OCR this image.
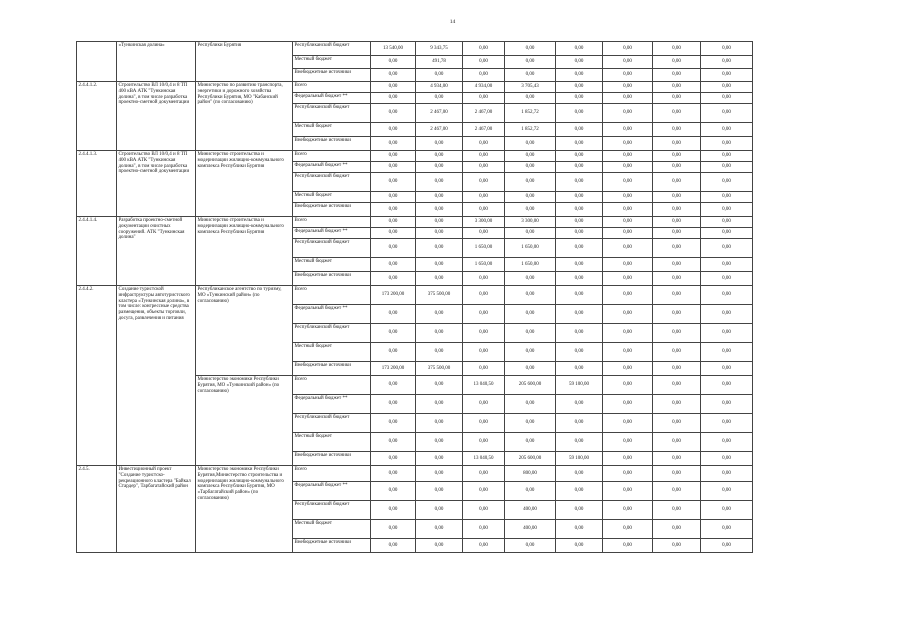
14
	«Тункинская долина»	Республики Бурятия	Республиканский бюджет	13 540,00	9 343,75	0,00	0,00	0,00	0,00	0,00	0,00
			Местный бюджет	0,00	491,78	0,00	0,00	0,00	0,00	0,00	0,00
			Внебюджетные источники	0,00	0,00	0,00	0,00	0,00	0,00	0,00	0,00
2.4.4.1.2.	Строительство ВЛ 10/0,4 и 8 ТП 400 кВА АТК "Тункинская долина", в том числе разработка проектно-сметной документации	Министерство по развитию транспорта, энергетики и дорожного хозяйства Республики Бурятия, МО "Кабанский район" (по согласованию)	Всего	0,00	4 934,00	4 934,00	3 705,43	0,00	0,00	0,00	0,00
			Федеральный бюджет **	0,00	0,00	0,00	0,00	0,00	0,00	0,00	0,00
			Республиканский бюджет	0,00	2 467,00	2 467,00	1 852,72	0,00	0,00	0,00	0,00
			Местный бюджет	0,00	2 467,00	2 467,00	1 852,72	0,00	0,00	0,00	0,00
			Внебюджетные источники	0,00	0,00	0,00	0,00	0,00	0,00	0,00	0,00
2.4.4.1.3.	Строительство ВЛ 10/0,4 и 8 ТП 400 кВА АТК "Тункинская долина", в том числе разработка проектно-сметной документации	Министерство строительства и модернизации жилищно-коммунального комплекса Республики Бурятия	Всего	0,00	0,00	0,00	0,00	0,00	0,00	0,00	0,00
			Федеральный бюджет **	0,00	0,00	0,00	0,00	0,00	0,00	0,00	0,00
			Республиканский бюджет	0,00	0,00	0,00	0,00	0,00	0,00	0,00	0,00
			Местный бюджет	0,00	0,00	0,00	0,00	0,00	0,00	0,00	0,00
			Внебюджетные источники	0,00	0,00	0,00	0,00	0,00	0,00	0,00	0,00
2.4.4.1.4.	Разработка проектно-сметной документации очистных сооружений. АТК "Тункинская долина"	Министерство строительства и модернизации жилищно-коммунального комплекса Республики Бурятия	Всего	0,00	0,00	3 300,00	3 300,00	0,00	0,00	0,00	0,00
			Федеральный бюджет **	0,00	0,00	0,00	0,00	0,00	0,00	0,00	0,00
			Республиканский бюджет	0,00	0,00	1 650,00	1 650,00	0,00	0,00	0,00	0,00
			Местный бюджет	0,00	0,00	1 650,00	1 650,00	0,00	0,00	0,00	0,00
			Внебюджетные источники	0,00	0,00	0,00	0,00	0,00	0,00	0,00	0,00
2.4.4.2.	Создание туристской инфраструктуры автотуристского кластера «Тункинская долина», в том числе: конгрессные средства размещения, объекты торговли, досуга, развлечения и питания	Республиканское агентство по туризму, МО «Тункинский район» (по согласованию)	Всего	173 200,00	375 500,00	0,00	0,00	0,00	0,00	0,00	0,00
			Федеральный бюджет **	0,00	0,00	0,00	0,00	0,00	0,00	0,00	0,00
			Республиканский бюджет	0,00	0,00	0,00	0,00	0,00	0,00	0,00	0,00
			Местный бюджет	0,00	0,00	0,00	0,00	0,00	0,00	0,00	0,00
			Внебюджетные источники	173 200,00	375 500,00	0,00	0,00	0,00	0,00	0,00	0,00
		Министерство экономики Республики Бурятия, МО «Тункинский район» (по согласованию)	Всего	0,00	0,00	13 040,50	205 600,00	59 100,00	0,00	0,00	0,00
			Федеральный бюджет **	0,00	0,00	0,00	0,00	0,00	0,00	0,00	0,00
			Республиканский бюджет	0,00	0,00	0,00	0,00	0,00	0,00	0,00	0,00
			Местный бюджет	0,00	0,00	0,00	0,00	0,00	0,00	0,00	0,00
			Внебюджетные источники	0,00	0,00	13 040,50	205 600,00	59 100,00	0,00	0,00	0,00
2.4.5.	Инвестиционный проект "Создание туристско-рекреационного кластера "Байкал Стардер", Тарбагатайский район	Министерство экономики Республики Бурятия,Министерство строительства и модернизации жилищно-коммунального комплекса Республики Бурятия, МО «Тарбагатайский район» (по согласованию)	Всего	0,00	0,00	0,00	800,00	0,00	0,00	0,00	0,00
			Федеральный бюджет **	0,00	0,00	0,00	0,00	0,00	0,00	0,00	0,00
			Республиканский бюджет	0,00	0,00	0,00	400,00	0,00	0,00	0,00	0,00
			Местный бюджет	0,00	0,00	0,00	400,00	0,00	0,00	0,00	0,00
			Внебюджетные источники	0,00	0,00	0,00	0,00	0,00	0,00	0,00	0,00
